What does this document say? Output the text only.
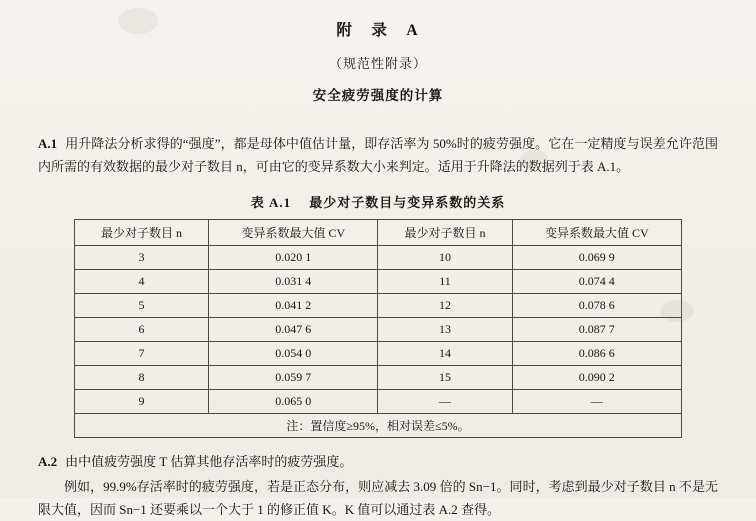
附　录　A
（规范性附录）
安全疲劳强度的计算
A.1 用升降法分析求得的“强度”，都是母体中值估计量，即存活率为 50%时的疲劳强度。它在一定精度与误差允许范围内所需的有效数据的最少对子数目 n，可由它的变异系数大小来判定。适用于升降法的数据列于表 A.1。
表 A.1 最少对子数目与变异系数的关系
最少对子数目 n	变异系数最大值 CV	最少对子数目 n	变异系数最大值 CV
3	0.020 1	10	0.069 9
4	0.031 4	11	0.074 4
5	0.041 2	12	0.078 6
6	0.047 6	13	0.087 7
7	0.054 0	14	0.086 6
8	0.059 7	15	0.090 2
9	0.065 0	—	—
注：置信度≥95%，相对误差≤5%。			
A.2 由中值疲劳强度 T 估算其他存活率时的疲劳强度。
例如，99.9%存活率时的疲劳强度，若是正态分布，则应减去 3.09 倍的 Sn−1。同时，考虑到最少对子数目 n 不是无限大值，因而 Sn−1 还要乘以一个大于 1 的修正值 K。K 值可以通过表 A.2 查得。
